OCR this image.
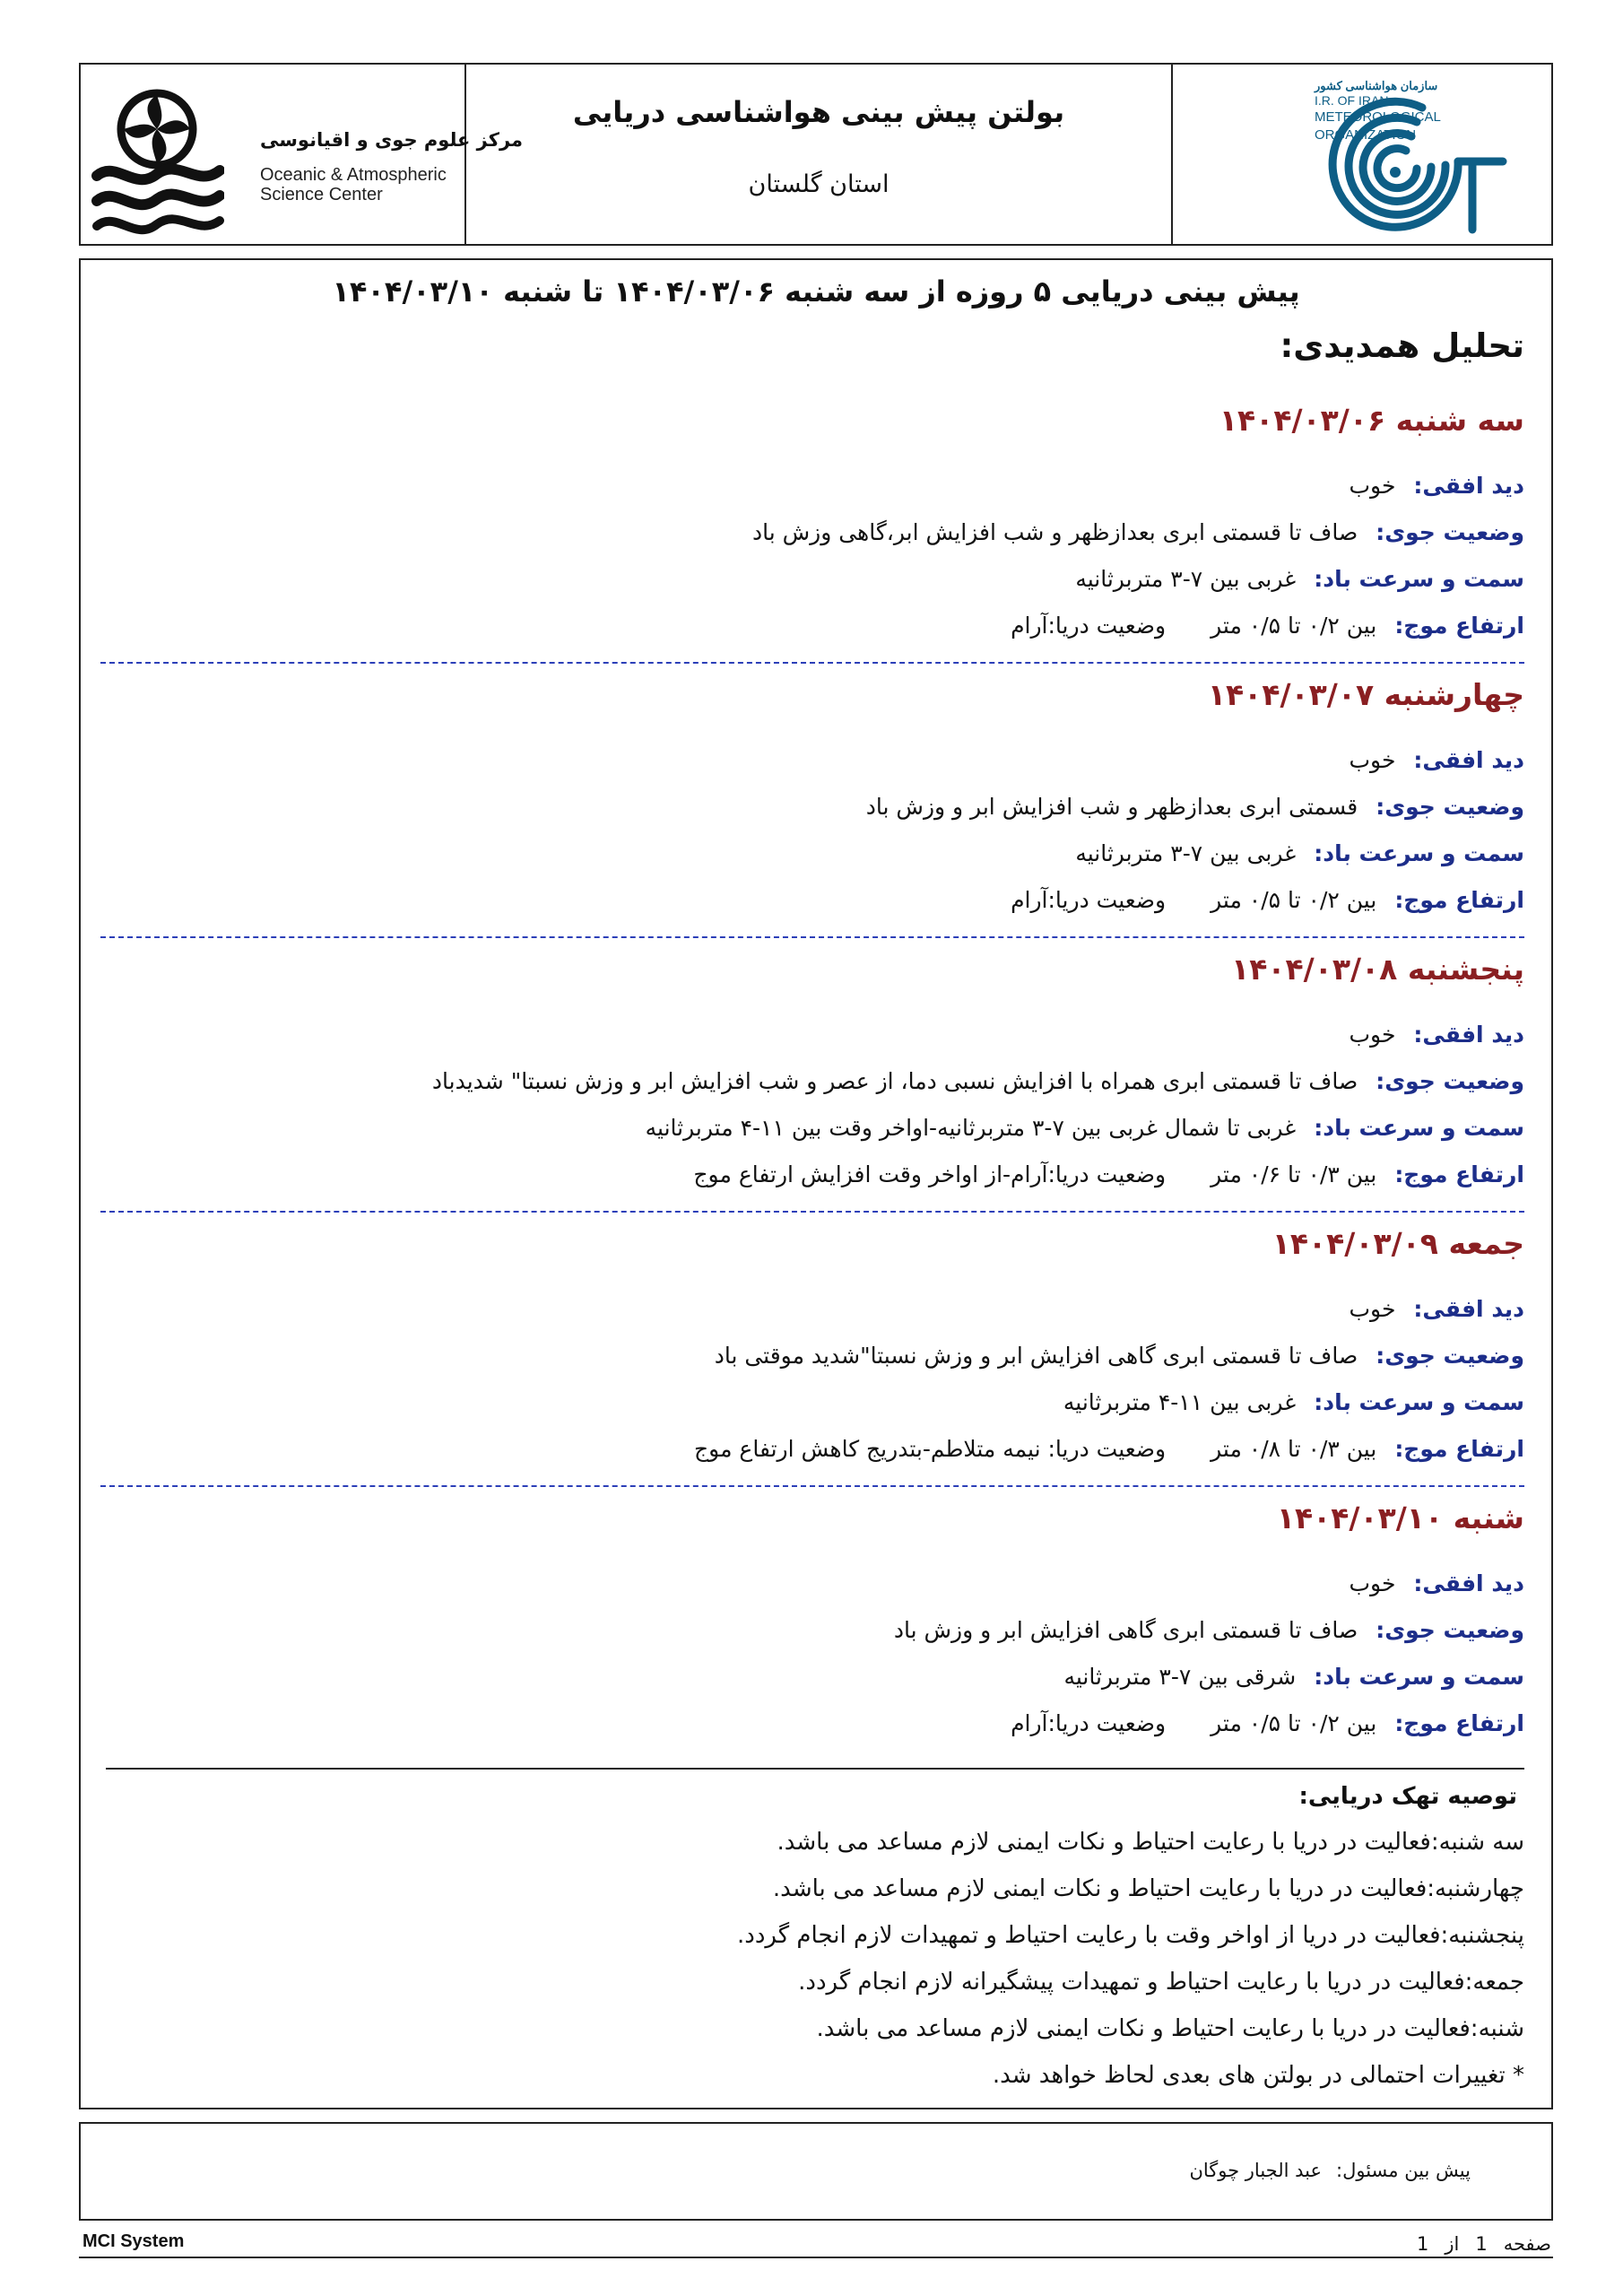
مرکز علوم جوی و اقیانوسی
Oceanic & Atmospheric
Science Center
بولتن پیش بینی هواشناسی دریایی
استان گلستان
سازمان هواشناسی کشور
I.R. OF IRAN
METEOROLOGICAL
ORGANIZATION
پیش بینی دریایی ۵ روزه از سه شنبه ۱۴۰۴/۰۳/۰۶ تا شنبه ۱۴۰۴/۰۳/۱۰
تحلیل همدیدی:
سه شنبه ۱۴۰۴/۰۳/۰۶
دید افقی:خوب
وضعیت جوی:صاف تا قسمتی ابری بعدازظهر و شب افزایش ابر،گاهی وزش باد
سمت و سرعت باد:غربی بین ۷-۳ متربرثانیه
ارتفاع موج:بین ۰/۲ تا ۰/۵ متروضعیت دریا:آرام
چهارشنبه ۱۴۰۴/۰۳/۰۷
دید افقی:خوب
وضعیت جوی:قسمتی ابری بعدازظهر و شب افزایش ابر و وزش باد
سمت و سرعت باد:غربی بین ۷-۳ متربرثانیه
ارتفاع موج:بین ۰/۲ تا ۰/۵ متروضعیت دریا:آرام
پنجشنبه ۱۴۰۴/۰۳/۰۸
دید افقی:خوب
وضعیت جوی:صاف تا قسمتی ابری همراه با افزایش نسبی دما، از عصر و شب افزایش ابر و وزش نسبتا" شدیدباد
سمت و سرعت باد:غربی تا شمال غربی بین ۷-۳ متربرثانیه-اواخر وقت بین ۱۱-۴ متربرثانیه
ارتفاع موج:بین ۰/۳ تا ۰/۶ متروضعیت دریا:آرام-از اواخر وقت افزایش ارتفاع موج
جمعه ۱۴۰۴/۰۳/۰۹
دید افقی:خوب
وضعیت جوی:صاف تا قسمتی ابری گاهی افزایش ابر و وزش نسبتا"شدید موقتی باد
سمت و سرعت باد:غربی بین ۱۱-۴ متربرثانیه
ارتفاع موج:بین ۰/۳ تا ۰/۸ متروضعیت دریا: نیمه متلاطم-بتدریج کاهش ارتفاع موج
شنبه ۱۴۰۴/۰۳/۱۰
دید افقی:خوب
وضعیت جوی:صاف تا قسمتی ابری گاهی افزایش ابر و وزش باد
سمت و سرعت باد:شرقی بین ۷-۳ متربرثانیه
ارتفاع موج:بین ۰/۲ تا ۰/۵ متروضعیت دریا:آرام
توصیه تهک دریایی:
سه شنبه:فعالیت در دریا با رعایت احتیاط و نکات ایمنی لازم مساعد می باشد.
چهارشنبه:فعالیت در دریا با رعایت احتیاط و نکات ایمنی لازم مساعد می باشد.
پنجشنبه:فعالیت در دریا از اواخر وقت با رعایت احتیاط و تمهیدات لازم انجام گردد.
جمعه:فعالیت در دریا با رعایت احتیاط و تمهیدات پیشگیرانه لازم انجام گردد.
شنبه:فعالیت در دریا با رعایت احتیاط و نکات ایمنی لازم مساعد می باشد.
* تغییرات احتمالی در بولتن های بعدی لحاظ خواهد شد.
پیش بین مسئول:عبد الجبار چوگان
MCI System	صفحه1از1
